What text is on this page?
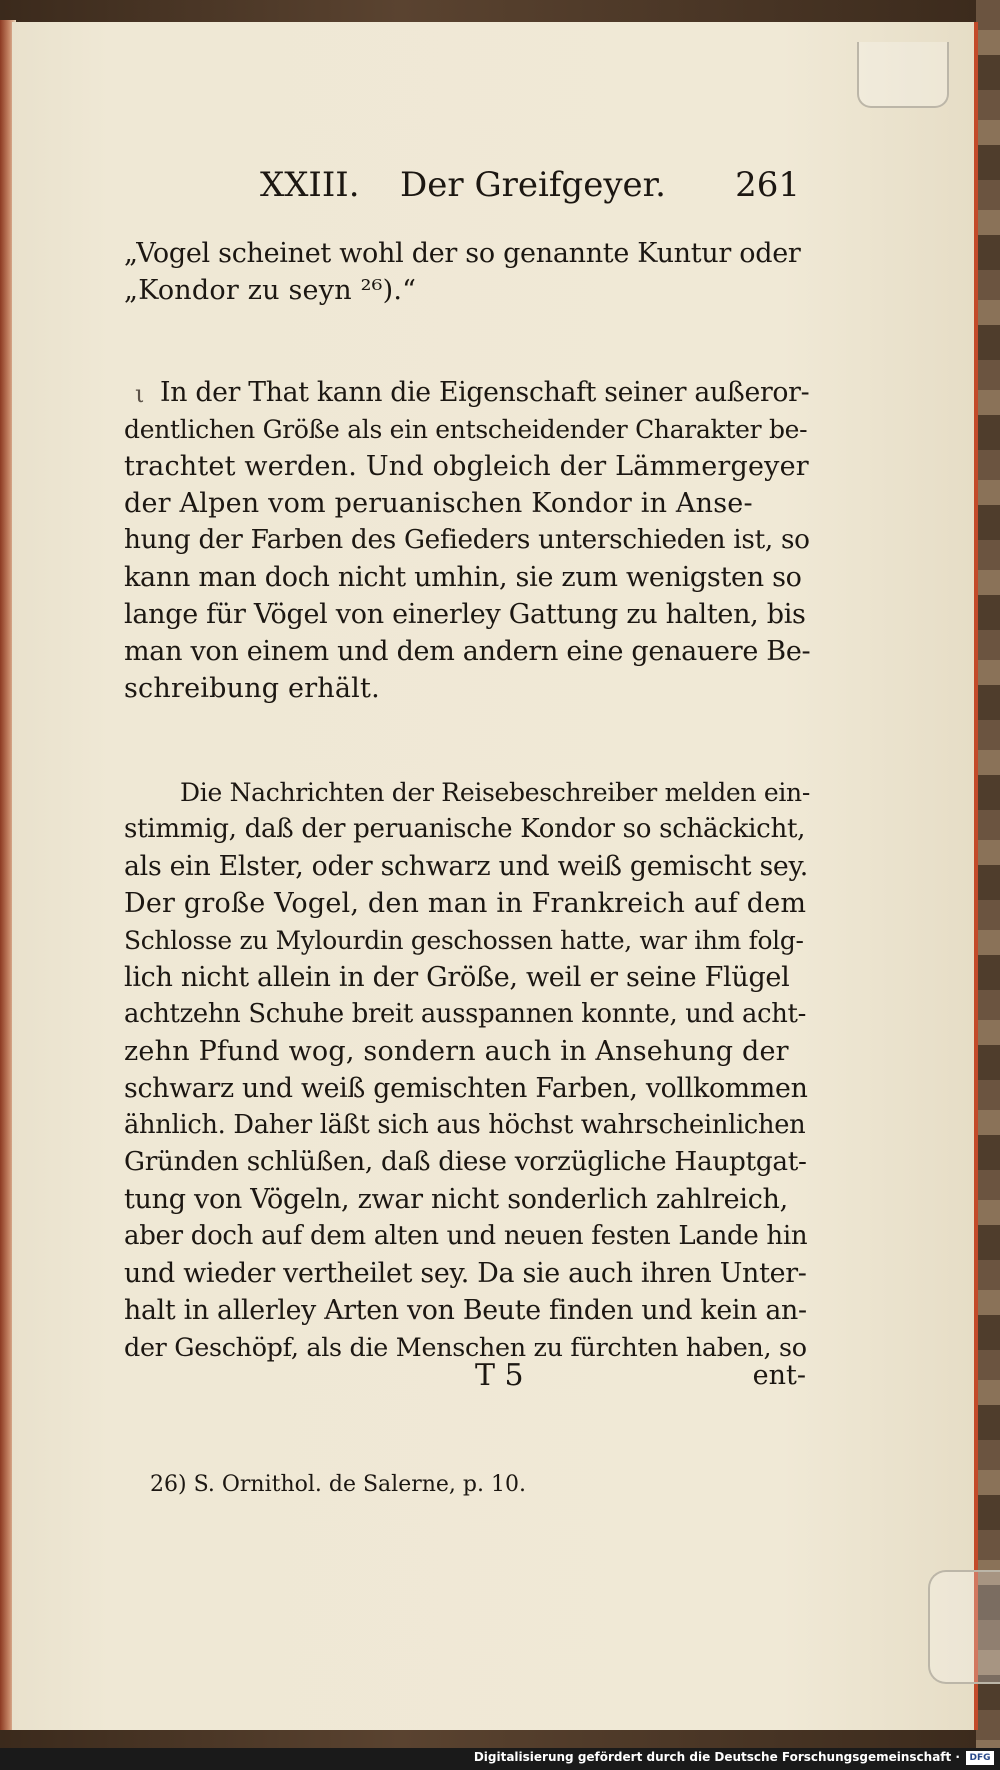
XXIII. Der Greifgeyer. 261
„Vogel scheinet wohl der so genannte Kuntur oder
„Kondor zu seyn ²⁶).“
ι In der That kann die Eigenschaft seiner außeror-
dentlichen Größe als ein entscheidender Charakter be-
trachtet werden. Und obgleich der Lämmergeyer
der Alpen vom peruanischen Kondor in Anse-
hung der Farben des Gefieders unterschieden ist, so
kann man doch nicht umhin, sie zum wenigsten so
lange für Vögel von einerley Gattung zu halten, bis
man von einem und dem andern eine genauere Be-
schreibung erhält.
Die Nachrichten der Reisebeschreiber melden ein-
stimmig, daß der peruanische Kondor so schäckicht,
als ein Elster, oder schwarz und weiß gemischt sey.
Der große Vogel, den man in Frankreich auf dem
Schlosse zu Mylourdin geschossen hatte, war ihm folg-
lich nicht allein in der Größe, weil er seine Flügel
achtzehn Schuhe breit ausspannen konnte, und acht-
zehn Pfund wog, sondern auch in Ansehung der
schwarz und weiß gemischten Farben, vollkommen
ähnlich. Daher läßt sich aus höchst wahrscheinlichen
Gründen schlüßen, daß diese vorzügliche Hauptgat-
tung von Vögeln, zwar nicht sonderlich zahlreich,
aber doch auf dem alten und neuen festen Lande hin
und wieder vertheilet sey. Da sie auch ihren Unter-
halt in allerley Arten von Beute finden und kein an-
der Geschöpf, als die Menschen zu fürchten haben, so
T 5	ent-
26) S. Ornithol. de Salerne, p. 10.
Digitalisierung gefördert durch die Deutsche Forschungsgemeinschaft ·	DFG
